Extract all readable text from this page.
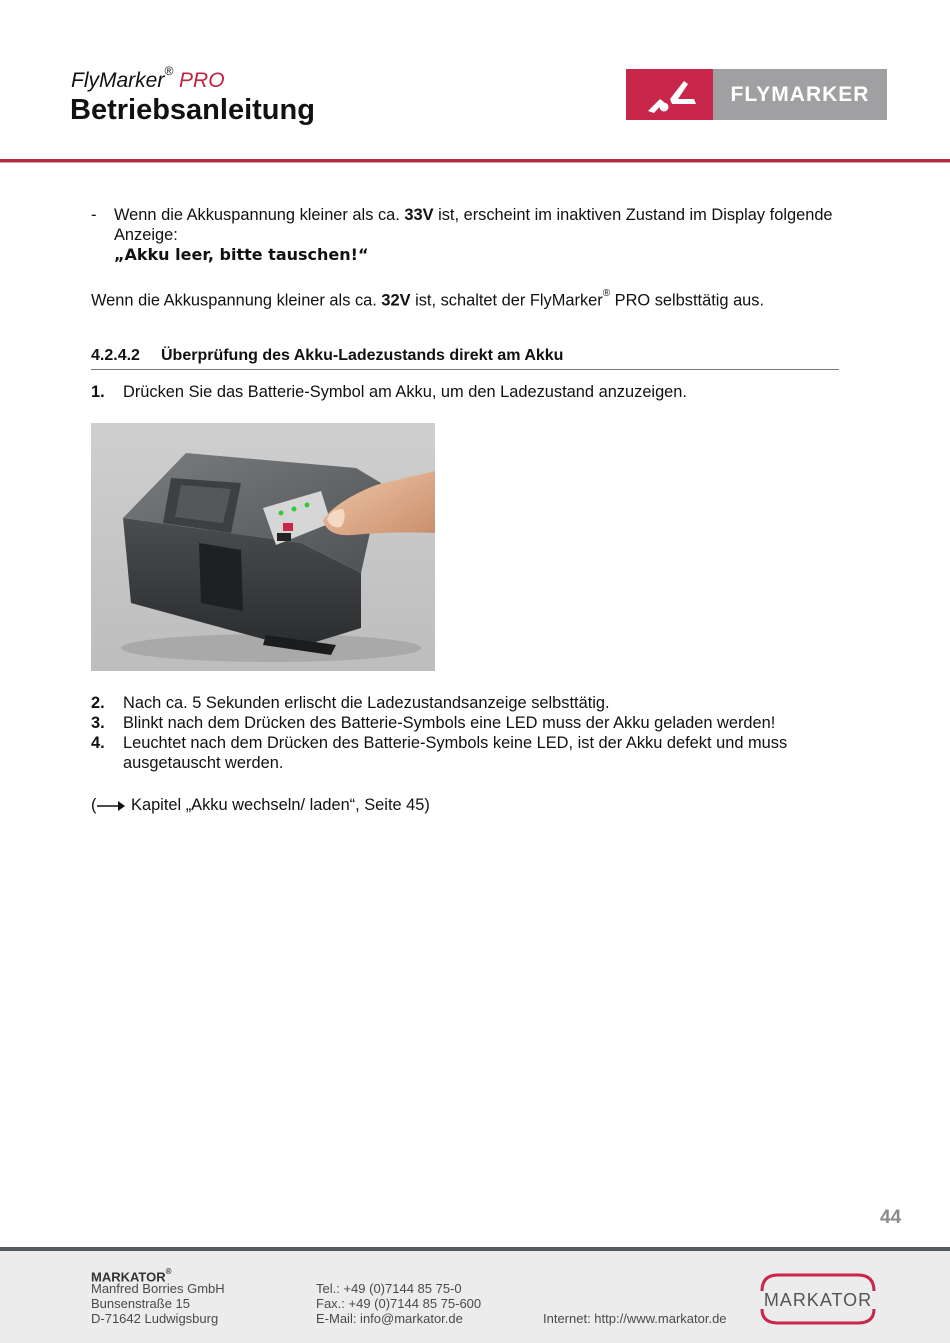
FlyMarker® PRO
Betriebsanleitung	FLYMARKER
- Wenn die Akkuspannung kleiner als ca. 33V ist, erscheint im inaktiven Zustand im Display folgende Anzeige:
„Akku leer, bitte tauschen!“
Wenn die Akkuspannung kleiner als ca. 32V ist, schaltet der FlyMarker® PRO selbsttätig aus.
4.2.4.2 Überprüfung des Akku-Ladezustands direkt am Akku
1.	Drücken Sie das Batterie-Symbol am Akku, um den Ladezustand anzuzeigen.
2.	Nach ca. 5 Sekunden erlischt die Ladezustandsanzeige selbsttätig.
3.	Blinkt nach dem Drücken des Batterie-Symbols eine LED muss der Akku geladen werden!
4.	Leuchtet nach dem Drücken des Batterie-Symbols keine LED, ist der Akku defekt und muss ausgetauscht werden.
( Kapitel „Akku wechseln/ laden“, Seite 45)
44
MARKATOR®
Manfred Borries GmbH
Bunsenstraße 15
D-71642 Ludwigsburg
Tel.: +49 (0)7144 85 75-0
Fax.: +49 (0)7144 85 75-600
E-Mail: info@markator.de	Internet: http://www.markator.de
MARKATOR
